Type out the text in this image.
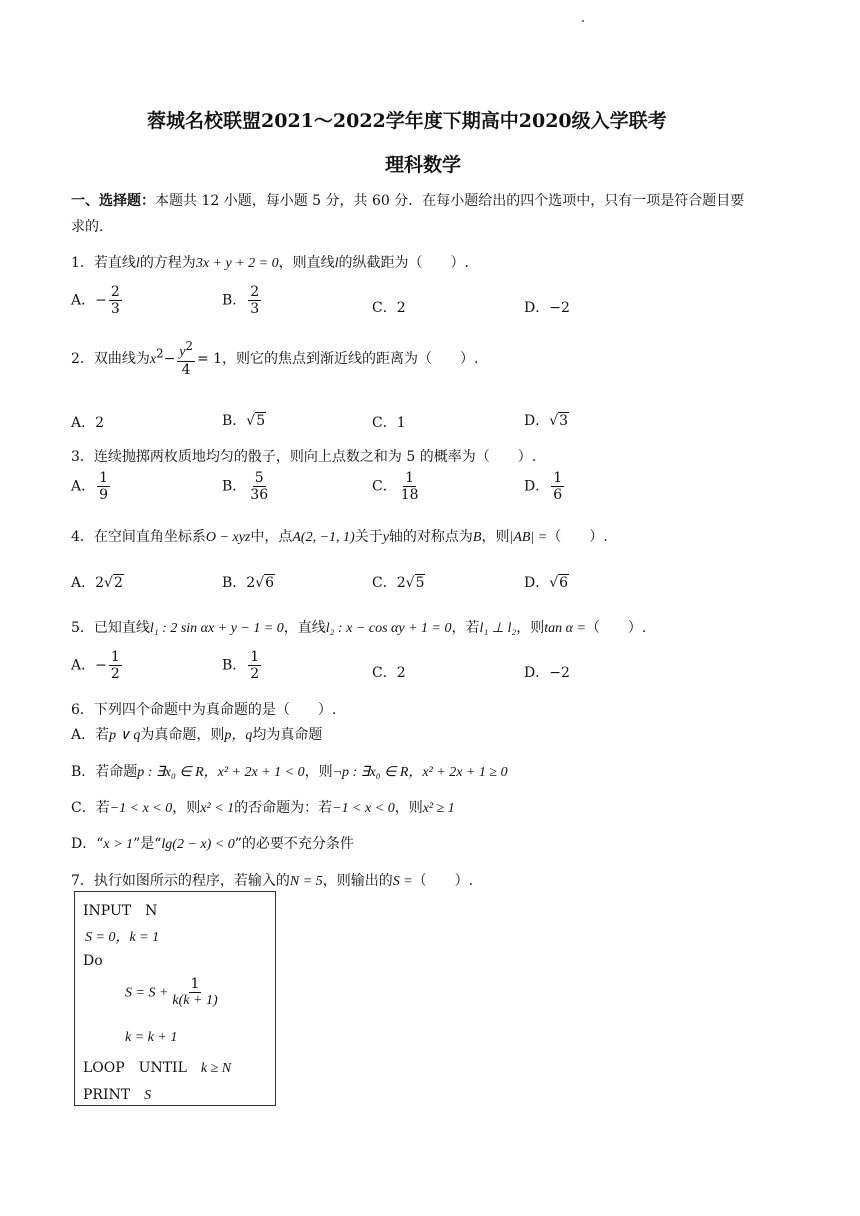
蓉城名校联盟2021～2022学年度下期高中2020级入学联考
理科数学
一、选择题：本题共 12 小题，每小题 5 分，共 60 分．在每小题给出的四个选项中，只有一项是符合题目要
求的．
1．若直线l的方程为3x + y + 2 = 0，则直线l的纵截距为（　　）.
A．− $\frac{2}{3}$	B． $\frac{2}{3}$	C．2	D．−2
2．双曲线为$x^2- \frac{y^2}{4} = 1$，则它的焦点到渐近线的距离为（　　）.
A．2	B．√5	C．1	D．√3
3．连续抛掷两枚质地均匀的骰子，则向上点数之和为 5 的概率为（　　）.
A． $\frac{1}{9}$	B． $\frac{5}{36}$	C． $\frac{1}{18}$	D． $\frac{1}{6}$
4．在空间直角坐标系O − xyz中，点A(2, −1, 1)关于y轴的对称点为B，则|AB| =（　　）.
A．2√2	B．2√6	C．2√5	D．√6
5．已知直线l₁ : 2 sin αx + y − 1 = 0，直线l₂ : x − cos αy + 1 = 0，若l₁ ⊥ l₂，则tan α =（　　）.
A．− $\frac{1}{2}$	B． $\frac{1}{2}$	C．2	D．−2
6．下列四个命题中为真命题的是（　　）.
A．若p ∨ q为真命题，则p，q均为真命题
B．若命题p : ∃x₀ ∈ R，x² + 2x + 1 < 0，则¬p : ∃x₀ ∈ R，x² + 2x + 1 ≥ 0
C．若−1 < x < 0，则x² < 1的否命题为：若−1 < x < 0，则x² ≥ 1
D．“x > 1”是“lg(2 − x) < 0”的必要不充分条件
7．执行如图所示的程序，若输入的N = 5，则输出的S =（　　）.
INPUT　N
S = 0，k = 1
Do
$S = S + \frac{1}{k(k + 1)}$
k = k + 1
LOOP　UNTIL　 k ≥ N
PRINT　 S
